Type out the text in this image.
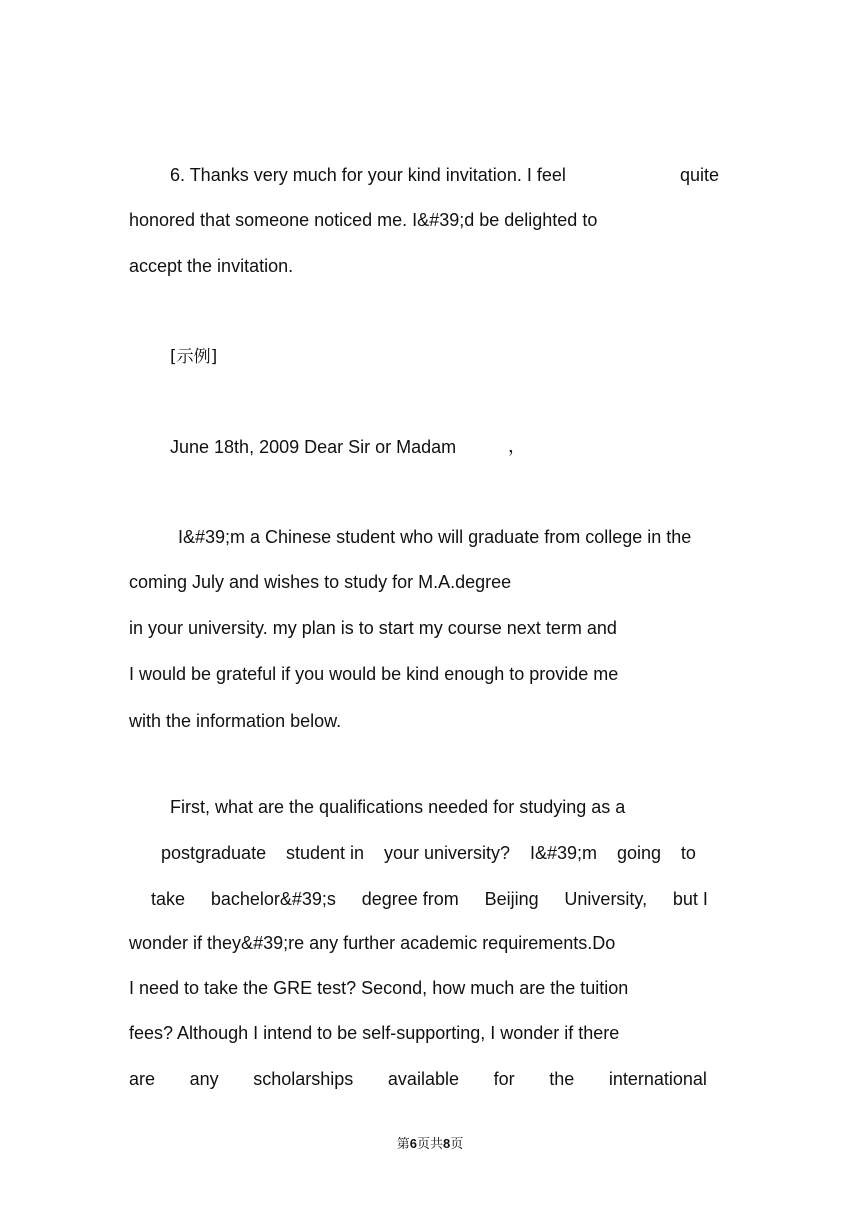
6. Thanks very much for your kind invitation. I feel	quite
honored that someone noticed me. I&#39;d be delighted to
accept the invitation.
[示例]
June 18th, 2009 Dear Sir or Madam	，
I&#39;m a Chinese student who will graduate from college in the
coming July and wishes to study for M.A.degree
in your university. my plan is to start my course next term and
I would be grateful if you would be kind enough to provide me
with the information below.
First, what are the qualifications needed for studying as a
postgraduate student in your university? I&#39;m going to
take bachelor&#39;s degree from Beijing University, but I
wonder if they&#39;re any further academic requirements.Do
I need to take the GRE test? Second, how much are the tuition
fees? Although I intend to be self-supporting, I wonder if there
are any scholarships available for the international
第6页共8页
